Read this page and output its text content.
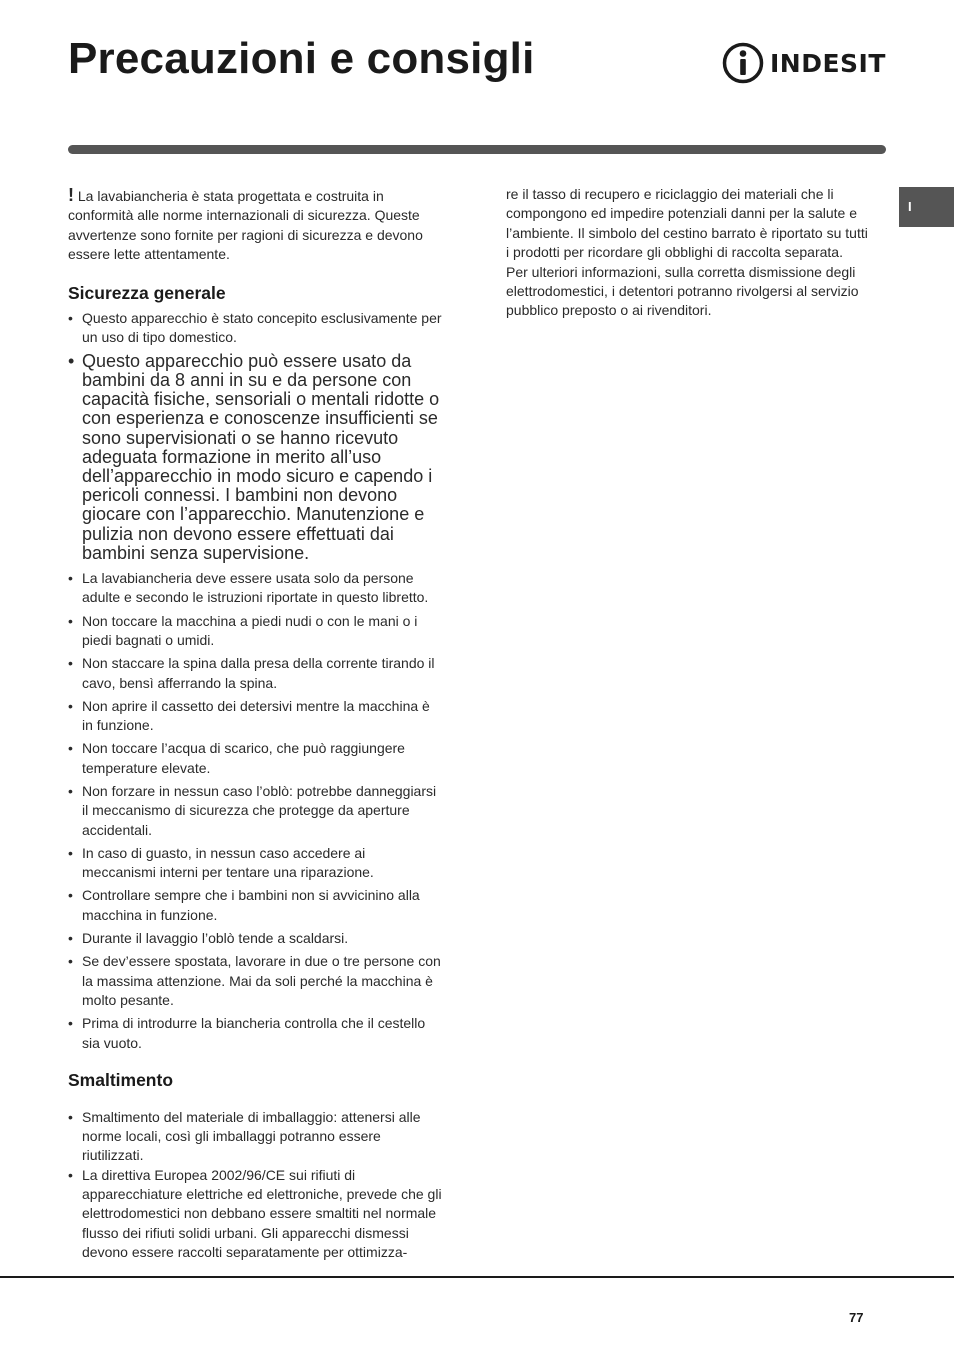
Precauzioni e consigli	INDESIT
I

! La lavabiancheria è stata progettata e costruita in conformità alle norme internazionali di sicurezza. Queste avvertenze sono fornite per ragioni di sicurezza e devono essere lette attentamente.

Sicurezza generale
• Questo apparecchio è stato concepito esclusivamente per un uso di tipo domestico.
• Questo apparecchio può essere usato da bambini da 8 anni in su e da persone con capacità fisiche, sensoriali o mentali ridotte o con esperienza e conoscenze insufficienti se sono supervisionati o se hanno ricevuto adeguata formazione in merito all’uso dell’apparecchio in modo sicuro e capendo i pericoli connessi. I bambini non devono giocare con l’apparecchio. Manutenzione e pulizia non devono essere effettuati dai bambini senza supervisione.
• La lavabiancheria deve essere usata solo da persone adulte e secondo le istruzioni riportate in questo libretto.
• Non toccare la macchina a piedi nudi o con le mani o i piedi bagnati o umidi.
• Non staccare la spina dalla presa della corrente tirando il cavo, bensì afferrando la spina.
• Non aprire il cassetto dei detersivi mentre la macchina è in funzione.
• Non toccare l’acqua di scarico, che può raggiungere temperature elevate.
• Non forzare in nessun caso l’oblò: potrebbe danneggiarsi il meccanismo di sicurezza che protegge da aperture accidentali.
• In caso di guasto, in nessun caso accedere ai meccanismi interni per tentare una riparazione.
• Controllare sempre che i bambini non si avvicinino alla macchina in funzione.
• Durante il lavaggio l’oblò tende a scaldarsi.
• Se dev’essere spostata, lavorare in due o tre persone con la massima attenzione. Mai da soli perché la macchina è molto pesante.
• Prima di introdurre la biancheria controlla che il cestello sia vuoto.
Smaltimento
• Smaltimento del materiale di imballaggio: attenersi alle norme locali, così gli imballaggi potranno essere riutilizzati.
• La direttiva Europea 2002/96/CE sui rifiuti di apparecchiature elettriche ed elettroniche, prevede che gli elettrodomestici non debbano essere smaltiti nel normale flusso dei rifiuti solidi urbani. Gli apparecchi dismessi devono essere raccolti separatamente per ottimizza-

re il tasso di recupero e riciclaggio dei materiali che li compongono ed impedire potenziali danni per la salute e l’ambiente. Il simbolo del cestino barrato è riportato su tutti i prodotti per ricordare gli obblighi di raccolta separata. Per ulteriori informazioni, sulla corretta dismissione degli elettrodomestici, i detentori potranno rivolgersi al servizio pubblico preposto o ai rivenditori.

77
